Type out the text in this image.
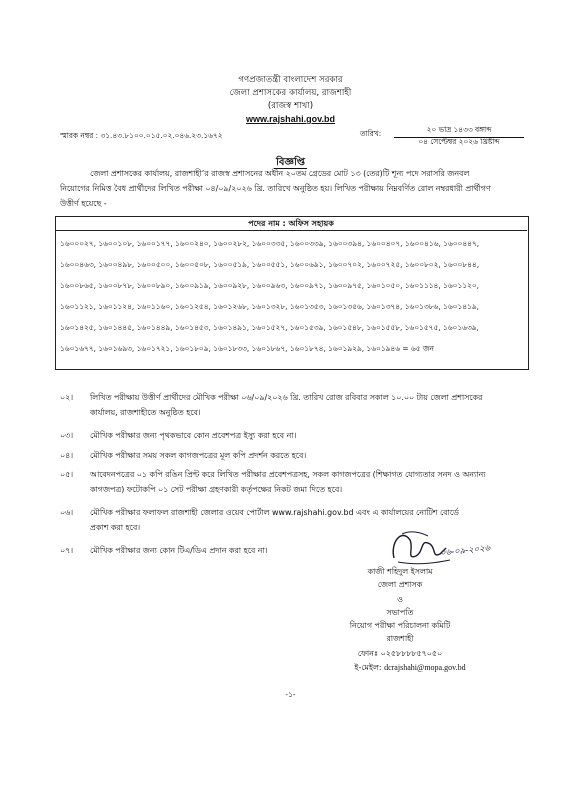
গণপ্রজাতন্ত্রী বাংলাদেশ সরকার
জেলা প্রশাসকের কার্যালয়, রাজশাহী
(রাজস্ব শাখা)
www.rajshahi.gov.bd
স্মারক নম্বর : ৩১.৪৩.৮১০০.০১৫.০২.০৪৬.২৩.১৬৭২	তারিখ:	২০ ভাদ্র ১৪৩৩ বঙ্গাব্দ
০৪ সেপ্টেম্বর ২০২৬ খ্রিষ্টাব্দ
বিজ্ঞপ্তি
জেলা প্রশাসকের কার্যালয়, রাজশাহী’র রাজস্ব প্রশাসনের অধীন ২০তম গ্রেডের মোট ১৩ (তের)টি শূন্য পদে সরাসরি জনবল
নিয়োগের নিমিত্ত বৈধ প্রার্থীদের লিখিত পরীক্ষা ০৪/০৯/২০২৬ খ্রি. তারিখে অনুষ্ঠিত হয়। লিখিত পরীক্ষায় নিম্নবর্ণিত রোল নম্বরধারী প্রার্থীগণ
উত্তীর্ণ হয়েছে -
পদের নাম : অফিস সহায়ক
১৬০০০২৭, ১৬০০১০৮, ১৬০০১৭৭, ১৬০০২৪০, ১৬০০২৮২, ১৬০০৩৩৫, ১৬০০৩৩৯, ১৬০০৩৯৪, ১৬০০৪০৭, ১৬০০৪১৬, ১৬০০৪৪৭,
১৬০০৪৬৩, ১৬০০৪৯৮, ১৬০০৫০০, ১৬০০৫০৮, ১৬০০৫১৯, ১৬০০৫৫১, ১৬০০৬৯১, ১৬০০৭০২, ১৬০০৭২৫, ১৬০০৮০২, ১৬০০৮৪৪,
১৬০০৮৬৫, ১৬০০৮৭৮, ১৬০০৮৯০, ১৬০০৯১৯, ১৬০০৯২৮, ১৬০০৯৬৩, ১৬০০৯৭১, ১৬০০৯৭৫, ১৬০১০৫০, ১৬০১১১৪, ১৬০১১২০,
১৬০১১২১, ১৬০১১২৪, ১৬০১১৬০, ১৬০১২৫৪, ১৬০১২৬৮, ১৬০১৩২৮, ১৬০১৩৫৩, ১৬০১৩৫৬, ১৬০১৩৭৪, ১৬০১৩৮৬, ১৬০১৪১৯,
১৬০১৪২৫, ১৬০১৪৪৫, ১৬০১৪৪৯, ১৬০১৪৫৩, ১৬০১৪৯১, ১৬০১৫২৭, ১৬০১৫৩৯, ১৬০১৫৪৮, ১৬০১৫৫৮, ১৬০১৫৭৫, ১৬০১৬৩৯,
১৬০১৬৭৭, ১৬০১৬৯৩, ১৬০১৭২১, ১৬০১৮০৯, ১৬০১৮৩৩, ১৬০১৮৬৭, ১৬০১৮৭৪, ১৬০১৯২৯, ১৬০১৯৪৬ = ৬৫ জন
০২।	লিখিত পরীক্ষায় উত্তীর্ণ প্রার্থীদের মৌখিক পরীক্ষা ০৬/০৯/২০২৬ খ্রি. তারিখ রোজ রবিবার সকাল ১০.০০ টায় জেলা প্রশাসকের
কার্যালয়, রাজশাহীতে অনুষ্ঠিত হবে।
০৩।	মৌখিক পরীক্ষার জন্য পৃথকভাবে কোন প্রবেশপত্র ইস্যু করা হবে না।
০৪।	মৌখিক পরীক্ষার সময় সকল কাগজপত্রের মূল কপি প্রদর্শন করতে হবে।
০৫।	আবেদনপত্রের ০১ কপি রঙিন প্রিন্ট করে লিখিত পরীক্ষার প্রবেশপত্রসহ, সকল কাগজপত্রের (শিক্ষাগত যোগ্যতার সনদ ও অন্যান্য
কাগজপত্র) ফটোকপি ০১ সেট পরীক্ষা গ্রহণকারী কর্তৃপক্ষের নিকট জমা দিতে হবে।
০৬।	মৌখিক পরীক্ষার ফলাফল রাজশাহী জেলার ওয়েব পোর্টাল www.rajshahi.gov.bd এবং এ কার্যালয়ের নোটিশ বোর্ডে
প্রকাশ করা হবে।
০৭।	মৌখিক পরীক্ষার জন্য কোন টিএ/ডিএ প্রদান করা হবে না।	০৬-০৯-২০২৬
কাজী শহিদুল ইসলাম
জেলা প্রশাসক
ও
সভাপতি
নিয়োগ পরীক্ষা পরিচালনা কমিটি
রাজশাহী
ফোনঃ ০২৫৮৮৮৮৫৭০৫০
ই-মেইল: dcrajshahi@mopa.gov.bd
-১-
